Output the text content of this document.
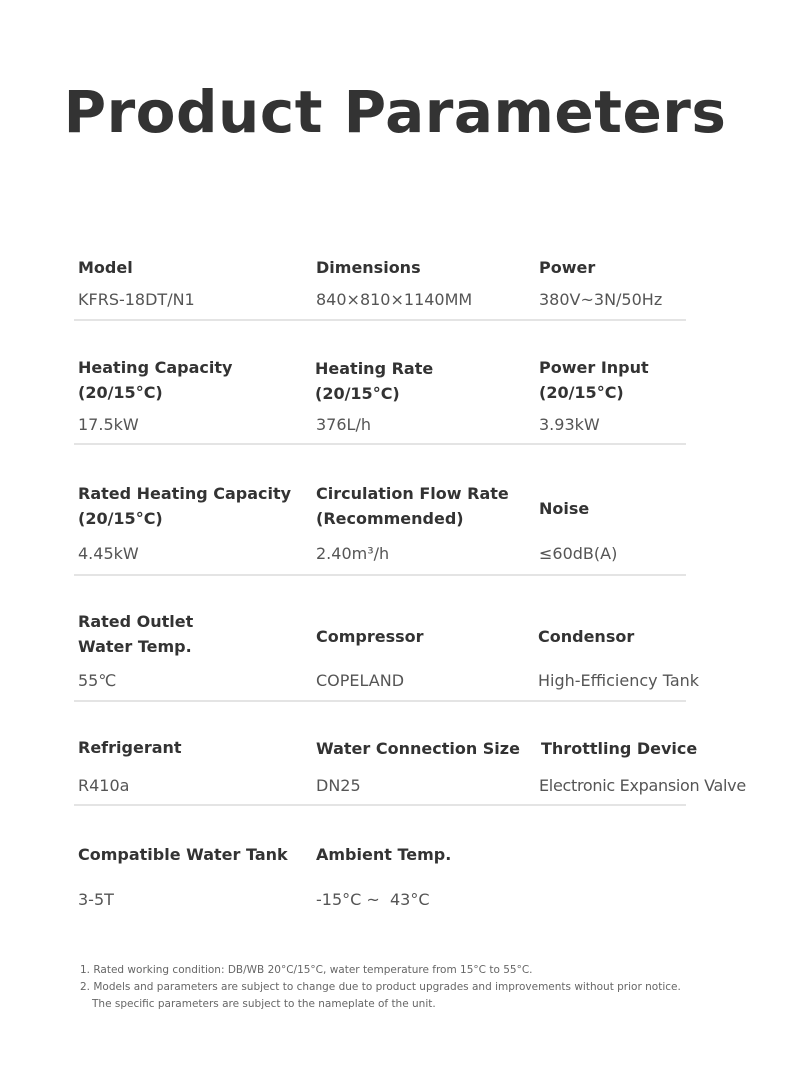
Product Parameters
Model
KFRS-18DT/N1
Dimensions
840×810×1140MM
Power
380V~3N/50Hz
Heating Capacity
(20/15°C)
17.5kW
Heating Rate
(20/15°C)
376L/h
Power Input
(20/15°C)
3.93kW
Rated Heating Capacity
(20/15°C)
4.45kW
Circulation Flow Rate
(Recommended)
2.40m³/h
Noise
≤60dB(A)
Rated Outlet
Water Temp.
55℃
Compressor
COPELAND
Condensor
High-Efficiency Tank
Refrigerant
R410a
Water Connection Size
DN25
Throttling Device
Electronic Expansion Valve
Compatible Water Tank
3-5T
Ambient Temp.
-15°C ~  43°C
1. Rated working condition: DB/WB 20°C/15°C, water temperature from 15°C to 55°C.
2. Models and parameters are subject to change due to product upgrades and improvements without prior notice.
The specific parameters are subject to the nameplate of the unit.
